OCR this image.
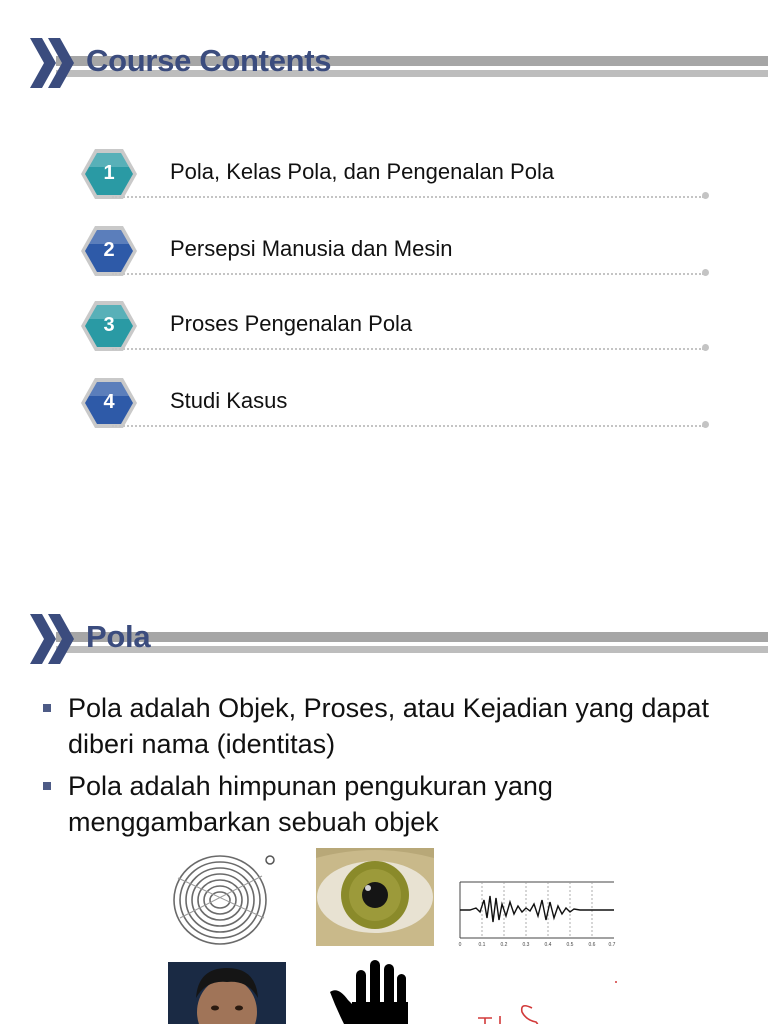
Course Contents
1	Pola, Kelas Pola, dan Pengenalan Pola
2	Persepsi Manusia dan Mesin
3	Proses Pengenalan Pola
4	Studi Kasus
Pola
Pola adalah Objek, Proses, atau Kejadian yang dapat diberi nama (identitas)
Pola adalah himpunan pengukuran yang menggambarkan sebuah objek
0	0.1	0.2	0.3	0.4	0.5	0.6	0.7
